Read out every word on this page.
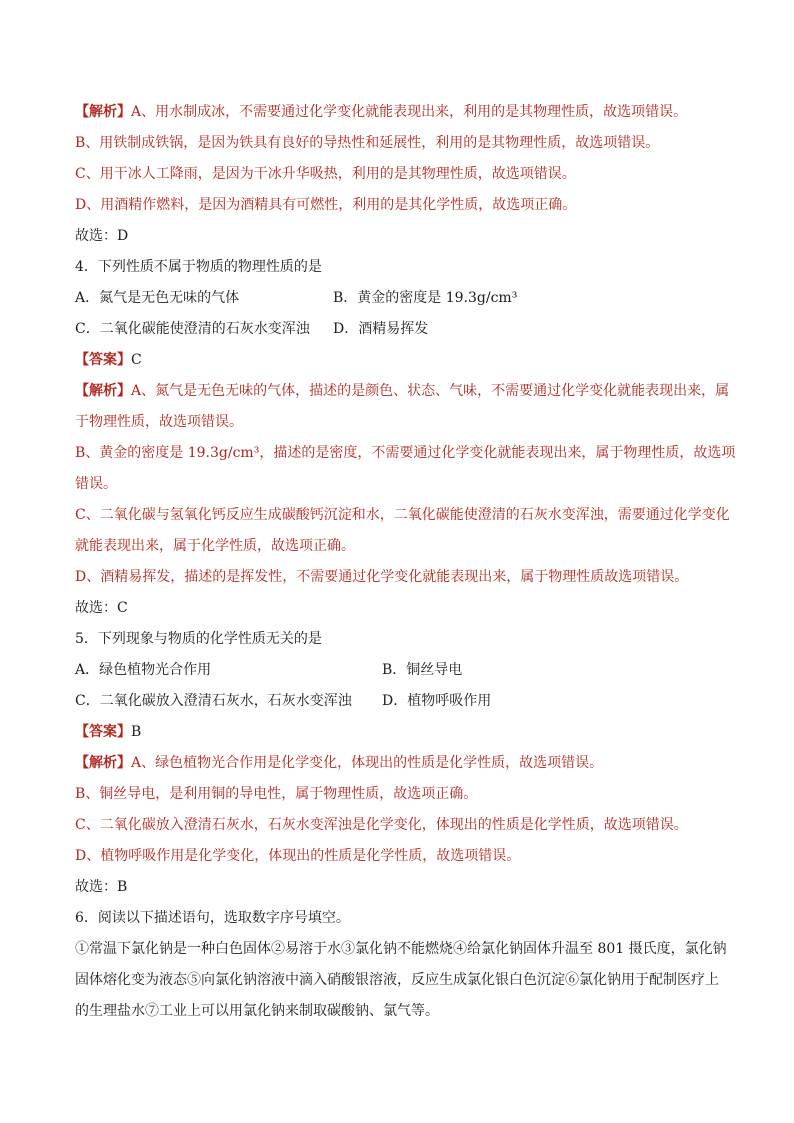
【解析】A、用水制成冰，不需要通过化学变化就能表现出来，利用的是其物理性质，故选项错误。
B、用铁制成铁锅，是因为铁具有良好的导热性和延展性，利用的是其物理性质，故选项错误。
C、用干冰人工降雨，是因为干冰升华吸热，利用的是其物理性质，故选项错误。
D、用酒精作燃料，是因为酒精具有可燃性，利用的是其化学性质，故选项正确。
故选：D
4．下列性质不属于物质的物理性质的是
A．氮气是无色无味的气体	B．黄金的密度是 19.3g/cm³
C．二氧化碳能使澄清的石灰水变浑浊	D．酒精易挥发
【答案】C
【解析】A、氮气是无色无味的气体，描述的是颜色、状态、气味，不需要通过化学变化就能表现出来，属
于物理性质，故选项错误。
B、黄金的密度是 19.3g/cm³，描述的是密度，不需要通过化学变化就能表现出来，属于物理性质，故选项
错误。
C、二氧化碳与氢氧化钙反应生成碳酸钙沉淀和水，二氧化碳能使澄清的石灰水变浑浊，需要通过化学变化
就能表现出来，属于化学性质，故选项正确。
D、酒精易挥发，描述的是挥发性，不需要通过化学变化就能表现出来，属于物理性质故选项错误。
故选：C
5．下列现象与物质的化学性质无关的是
A．绿色植物光合作用	B．铜丝导电
C．二氧化碳放入澄清石灰水，石灰水变浑浊	D．植物呼吸作用
【答案】B
【解析】A、绿色植物光合作用是化学变化，体现出的性质是化学性质，故选项错误。
B、铜丝导电，是利用铜的导电性，属于物理性质，故选项正确。
C、二氧化碳放入澄清石灰水，石灰水变浑浊是化学变化，体现出的性质是化学性质，故选项错误。
D、植物呼吸作用是化学变化，体现出的性质是化学性质，故选项错误。
故选：B
6．阅读以下描述语句，选取数字序号填空。
①常温下氯化钠是一种白色固体②易溶于水③氯化钠不能燃烧④给氯化钠固体升温至 801 摄氏度，氯化钠
固体熔化变为液态⑤向氯化钠溶液中滴入硝酸银溶液，反应生成氯化银白色沉淀⑥氯化钠用于配制医疗上
的生理盐水⑦工业上可以用氯化钠来制取碳酸钠、氯气等。
